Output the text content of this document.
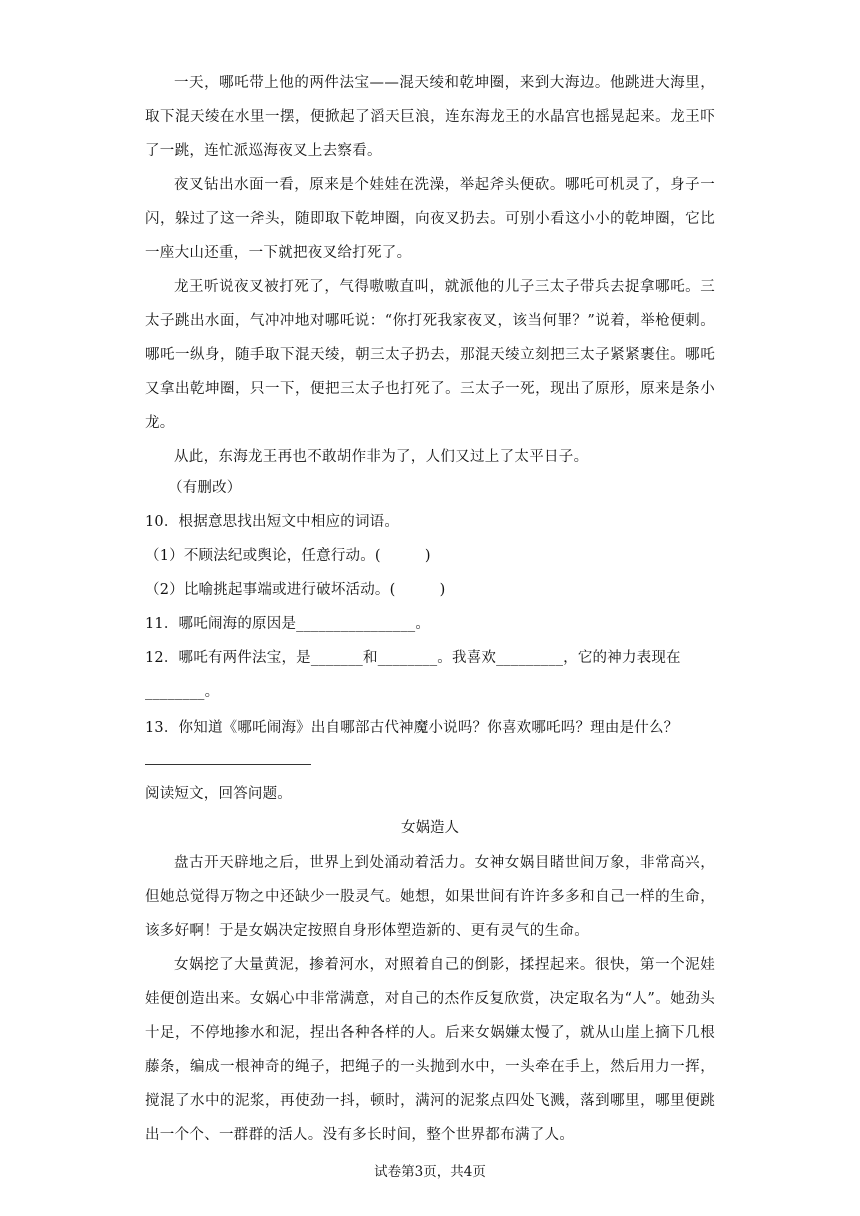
一天，哪吒带上他的两件法宝——混天绫和乾坤圈，来到大海边。他跳进大海里，取下混天绫在水里一摆，便掀起了滔天巨浪，连东海龙王的水晶宫也摇晃起来。龙王吓了一跳，连忙派巡海夜叉上去察看。
夜叉钻出水面一看，原来是个娃娃在洗澡，举起斧头便砍。哪吒可机灵了，身子一闪，躲过了这一斧头，随即取下乾坤圈，向夜叉扔去。可别小看这小小的乾坤圈，它比一座大山还重，一下就把夜叉给打死了。
龙王听说夜叉被打死了，气得嗷嗷直叫，就派他的儿子三太子带兵去捉拿哪吒。三太子跳出水面，气冲冲地对哪吒说：“你打死我家夜叉，该当何罪？”说着，举枪便刺。哪吒一纵身，随手取下混天绫，朝三太子扔去，那混天绫立刻把三太子紧紧裹住。哪吒又拿出乾坤圈，只一下，便把三太子也打死了。三太子一死，现出了原形，原来是条小龙。
从此，东海龙王再也不敢胡作非为了，人们又过上了太平日子。
（有删改）
10．根据意思找出短文中相应的词语。
（1）不顾法纪或舆论，任意行动。(　　　)
（2）比喻挑起事端或进行破坏活动。(　　　)
11．哪吒闹海的原因是________________。
12．哪吒有两件法宝，是_______和________。我喜欢_________，它的神力表现在
________。
13．你知道《哪吒闹海》出自哪部古代神魔小说吗？你喜欢哪吒吗？理由是什么？
阅读短文，回答问题。
女娲造人
盘古开天辟地之后，世界上到处涌动着活力。女神女娲目睹世间万象，非常高兴，但她总觉得万物之中还缺少一股灵气。她想，如果世间有许许多多和自己一样的生命，该多好啊！于是女娲决定按照自身形体塑造新的、更有灵气的生命。
女娲挖了大量黄泥，掺着河水，对照着自己的倒影，揉捏起来。很快，第一个泥娃娃便创造出来。女娲心中非常满意，对自己的杰作反复欣赏，决定取名为“人”。她劲头十足，不停地掺水和泥，捏出各种各样的人。后来女娲嫌太慢了，就从山崖上摘下几根藤条，编成一根神奇的绳子，把绳子的一头抛到水中，一头牵在手上，然后用力一挥，搅混了水中的泥浆，再使劲一抖，顿时，满河的泥浆点四处飞溅，落到哪里，哪里便跳出一个个、一群群的活人。没有多长时间，整个世界都布满了人。
试卷第3页，共4页
